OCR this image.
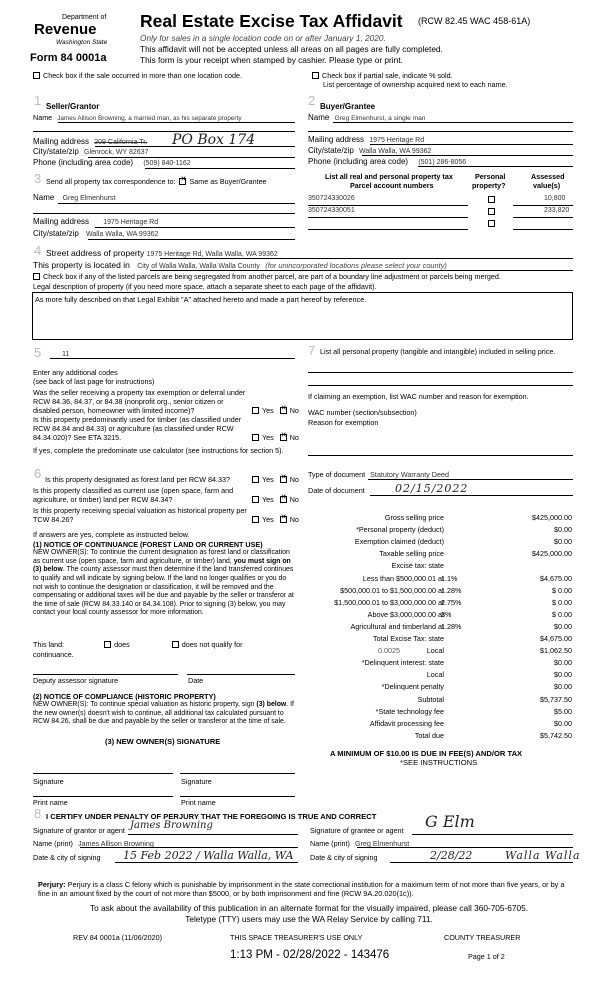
Department of
Revenue
Washington State
Form 84 0001a
Real Estate Excise Tax Affidavit (RCW 82.45 WAC 458-61A)
Only for sales in a single location code on or after January 1, 2020.
This affidavit will not be accepted unless all areas on all pages are fully completed.
This form is your receipt when stamped by cashier. Please type or print.
Check box if the sale occurred in more than one location code.	Check box if partial sale, indicate % sold.
List percentage of ownership acquired next to each name.
1 Seller/Grantor
Name James Allison Browning, a married man, as his separate property
Mailing address 209 California Tr. PO Box 174
City/state/zip Glenrock, WY 82637
Phone (including area code) (509) 840-1162
2 Buyer/Grantee
Name Greg Elmenhurst, a single man
Mailing address 1975 Heritage Rd
City/state/zip Walla Walla, WA 99362
Phone (including area code) (501) 286-8056
3 Send all property tax correspondence to: ✕ Same as Buyer/Grantee
Name Greg Elmenhurst
Mailing address 1975 Heritage Rd
City/state/zip Walla Walla, WA 99362
List all real and personal property tax
Parcel account numbers
Personal
property?
Assessed
value(s)
350724330026	10,800
350724330051	233,820
4 Street address of property 1975 Heritage Rd, Walla Walla, WA 99362
This property is located in City of Walla Walla, Walla Walla County (for unincorporated locations please select your county)
Check box if any of the listed parcels are being segregated from another parcel, are part of a boundary line adjustment or parcels being merged.
Legal description of property (if you need more space, attach a separate sheet to each page of the affidavit).
As more fully described on that Legal Exhibit "A" attached hereto and made a part hereof by reference.
5	11
Enter any additional codes
(see back of last page for instructions)
Was the seller receiving a property tax exemption or deferral under RCW 84.36, 84.37, or 84.38 (nonprofit org., senior citizen or disabled person, homeowner with limited income)?	Yes ✕ No
Is this property predominantly used for timber (as classified under RCW 84.84 and 84.33) or agriculture (as classified under RCW 84.34.020)? See ETA 3215.	Yes ✕ No
If yes, complete the predominate use calculator (see instructions for section 5).
6 Is this property designated as forest land per RCW 84.33?	Yes ✕ No
Is this property classified as current use (open space, farm and agriculture, or timber) land per RCW 84.34?	Yes ✕ No
Is this property receiving special valuation as historical property per TCW 84.26?	Yes ✕ No
If answers are yes, complete as instructed below.
(1) NOTICE OF CONTINUANCE (FOREST LAND OR CURRENT USE)
NEW OWNER(S): To continue the current designation as forest land or classification as current use (open space, farm and agriculture, or timber) land, you must sign on (3) below. The county assessor must then determine if the land transferred continues to qualify and will indicate by signing below. If the land no longer qualifies or you do not wish to continue the designation or classification, it will be removed and the compensating or additional taxes will be due and payable by the seller or transferor at the time of sale (RCW 84.33.140 or 84.34.108). Prior to signing (3) below, you may contact your local county assessor for more information.
This land:	does	does not qualify for
continuance.
Deputy assessor signature	Date
(2) NOTICE OF COMPLIANCE (HISTORIC PROPERTY)
NEW OWNER(S): To continue special valuation as historic property, sign (3) below. If the new owner(s) doesn't wish to continue, all additional tax calculated pursuant to RCW 84.26, shall be due and payable by the seller or transferor at the time of sale.
(3) NEW OWNER(S) SIGNATURE
Signature	Signature
Print name	Print name
7 List all personal property (tangible and intangible) included in selling price.
If claiming an exemption, list WAC number and reason for exemption.
WAC number (section/subsection)
Reason for exemption
Type of document Statutory Warranty Deed
Date of document	02/15/2022
Gross selling price	$425,000.00
*Personal property (deduct)	$0.00
Exemption claimed (deduct)	$0.00
Taxable selling price	$425,000.00
Excise tax: state
Less than $500,000.01 at
1.1%	$4,675.00
$500,000.01 to $1,500,000.00 at
1.28%	$ 0.00
$1,500,000.01 to $3,000,000.00 at
2.75%	$ 0.00
Above $3,000,000.00 at
3%	$ 0.00
Agricultural and timberland at
1.28%	$0.00
Total Excise Tax: state	$4,675.00
Local
0.0025	$1,062.50
*Delinquent interest: state	$0.00
Local	$0.00
*Delinquent penalty	$0.00
Subtotal	$5,737.50
*State technology fee	$5.00
Affidavit processing fee	$0.00
Total due	$5,742.50
A MINIMUM OF $10.00 IS DUE IN FEE(S) AND/OR TAX
*SEE INSTRUCTIONS
8 I CERTIFY UNDER PENALTY OF PERJURY THAT THE FOREGOING IS TRUE AND CORRECT
Signature of grantor or agent James Browning
Name (print) James Allison Browning
Date & city of signing 15 Feb 2022 / Walla Walla, WA
Signature of grantee or agent G Elm
Name (print) Greg Elmenhurst
Date & city of signing	2/28/22	Walla Walla
Perjury: Perjury is a class C felony which is punishable by imprisonment in the state correctional institution for a maximum term of not more than five years, or by a fine in an amount fixed by the court of not more than $5000, or by both imprisonment and fine (RCW 9A.20.020(1c)).
To ask about the availability of this publication in an alternate format for the visually impaired, please call 360-705-6705.
Teletype (TTY) users may use the WA Relay Service by calling 711.
REV 84 0001a (11/06/2020)	THIS SPACE TREASURER'S USE ONLY	COUNTY TREASURER
1:13 PM - 02/28/2022 - 143476	Page 1 of 2
